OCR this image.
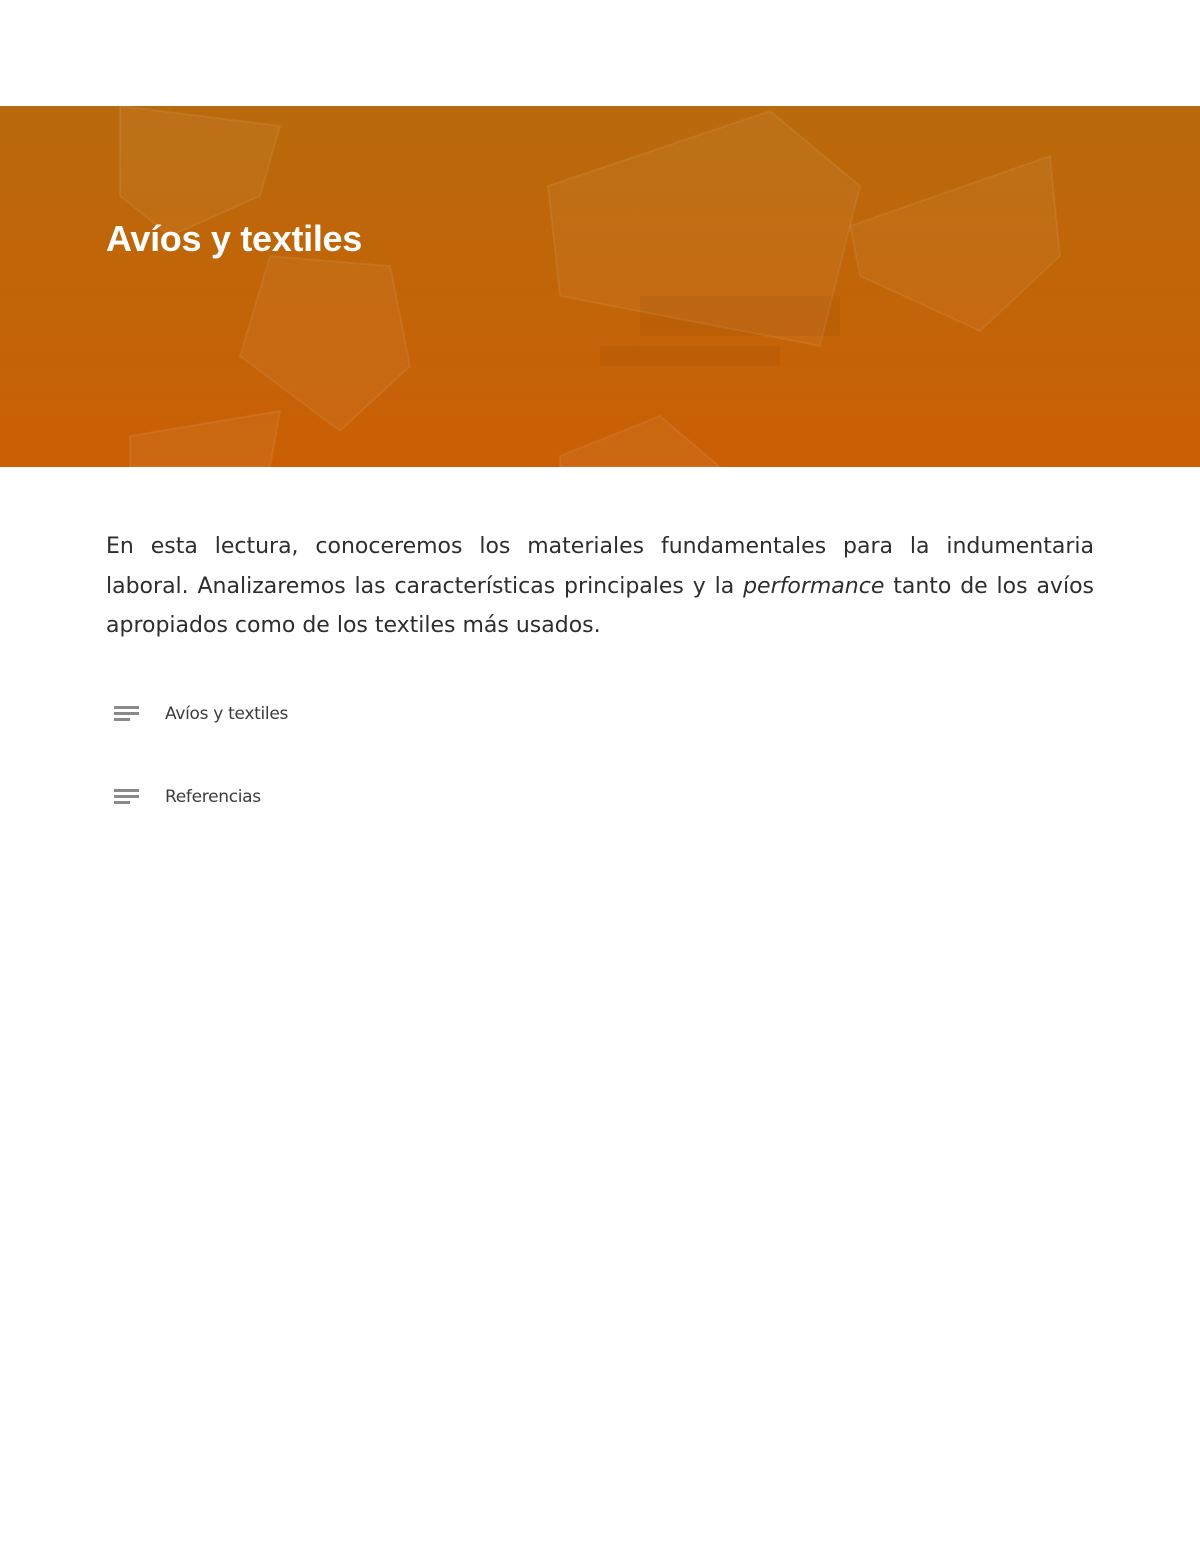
Avíos y textiles

En esta lectura, conoceremos los materiales fundamentales para la indumentaria laboral. Analizaremos las características principales y la performance tanto de los avíos apropiados como de los textiles más usados.

Avíos y textiles
Referencias
